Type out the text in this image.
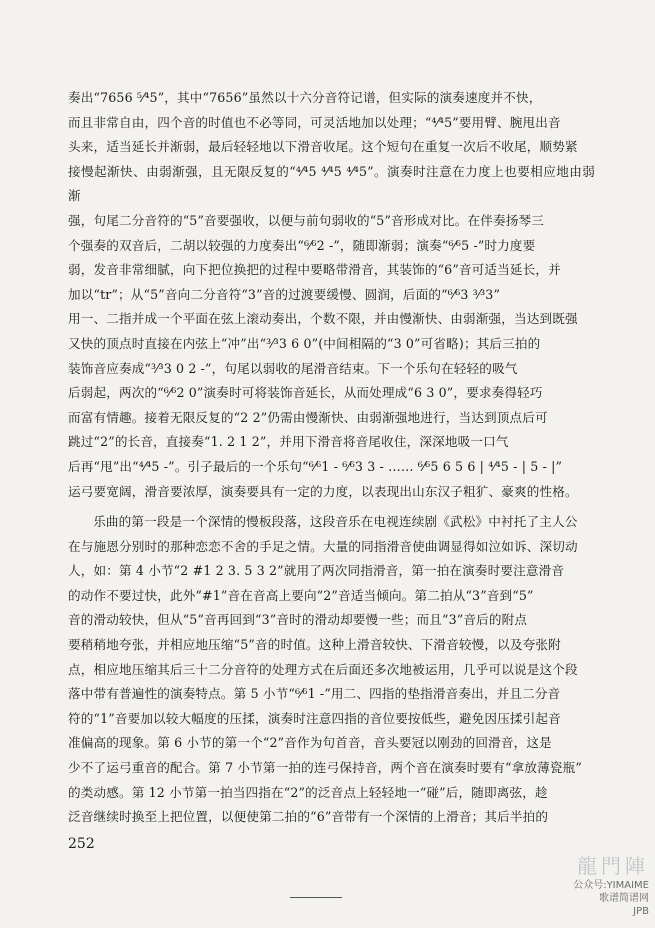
奏出“7656 ⁵⁄⁴5”，其中“7656”虽然以十六分音符记谱，但实际的演奏速度并不快，

而且非常自由，四个音的时值也不必等同，可灵活地加以处理；“⁴⁄⁴5”要用臂、腕甩出音

头来，适当延长并渐弱，最后轻轻地以下滑音收尾。这个短句在重复一次后不收尾，顺势紧

接慢起渐快、由弱渐强，且无限反复的“⁴⁄⁴5 ⁴⁄⁴5 ⁴⁄⁴5”。演奏时注意在力度上也要相应地由弱渐

强，句尾二分音符的“5”音要强收，以便与前句弱收的“5”音形成对比。在伴奏扬琴三

个强奏的双音后，二胡以较强的力度奏出“⁶⁄⁶2 -”，随即渐弱；演奏“⁶⁄⁶5 -”时力度要

弱，发音非常细腻，向下把位换把的过程中要略带滑音，其装饰的“6”音可适当延长，并

加以“tr”；从“5”音向二分音符“3”音的过渡要缓慢、圆润，后面的“⁶⁄⁶3 ³⁄³3”

用一、二指并成一个平面在弦上滚动奏出，个数不限，并由慢渐快、由弱渐强，当达到既强

又快的顶点时直接在内弦上“冲”出“³⁄³3 6 0”(中间相隔的“3 0”可省略)；其后三拍的

装饰音应奏成“³⁄³3 0 2 -”，句尾以弱收的尾滑音结束。下一个乐句在轻轻的吸气

后弱起，两次的“⁶⁄⁶2 0”演奏时可将装饰音延长，从而处理成“6 3 0”，要求奏得轻巧

而富有情趣。接着无限反复的“2 2”仍需由慢渐快、由弱渐强地进行，当达到顶点后可

跳过“2”的长音，直接奏“1. 2 1 2”，并用下滑音将音尾收住，深深地吸一口气

后再“甩”出“⁴⁄⁴5 -”。引子最后的一个乐句“⁶⁄⁶1 - ⁶⁄⁶3 3 - …… ⁶⁄⁶5 6 5 6 | ⁴⁄⁴5 - | 5 - |”

运弓要宽阔，滑音要浓厚，演奏要具有一定的力度，以表现出山东汉子粗犷、豪爽的性格。

乐曲的第一段是一个深情的慢板段落，这段音乐在电视连续剧《武松》中衬托了主人公

在与施恩分别时的那种恋恋不舍的手足之情。大量的同指滑音使曲调显得如泣如诉、深切动

人，如：第 4 小节“2 #1 2 3. 5 3 2”就用了两次同指滑音，第一拍在演奏时要注意滑音

的动作不要过快，此外“#1”音在音高上要向“2”音适当倾向。第二拍从“3”音到“5”

音的滑动较快，但从“5”音再回到“3”音时的滑动却要慢一些；而且“3”音后的附点

要稍稍地夸张，并相应地压缩“5”音的时值。这种上滑音较快、下滑音较慢，以及夸张附

点，相应地压缩其后三十二分音符的处理方式在后面还多次地被运用，几乎可以说是这个段

落中带有普遍性的演奏特点。第 5 小节“⁶⁄⁶1 -”用二、四指的垫指滑音奏出，并且二分音

符的“1”音要加以较大幅度的压揉，演奏时注意四指的音位要按低些，避免因压揉引起音

准偏高的现象。第 6 小节的第一个“2”音作为句首音，音头要冠以刚劲的回滑音，这是

少不了运弓重音的配合。第 7 小节第一拍的连弓保持音，两个音在演奏时要有“拿放薄瓷瓶”

的类动感。第 12 小节第一拍当四指在“2”的泛音点上轻轻地一“碰”后，随即离弦，趁

泛音继续时换至上把位置，以便使第二拍的“6”音带有一个深情的上滑音；其后半拍的

252
龍門陣
公众号:YIMAIME
歌谱简谱网
JPB
